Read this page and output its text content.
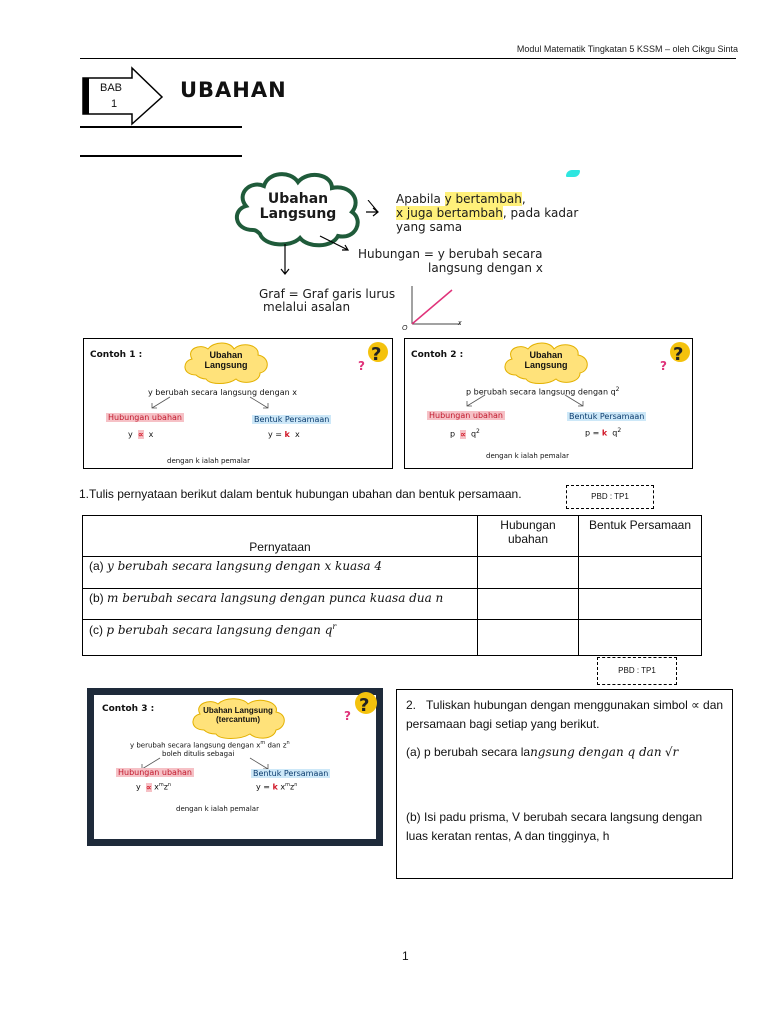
Modul Matematik Tingkatan 5 KSSM – oleh Cikgu Sinta
BAB
1
UBAHAN
Ubahan
Langsung
Apabila y bertambah,
x juga bertambah, pada kadar
yang sama
Hubungan = y berubah secara
langsung dengan x
Graf = Graf garis lurus
melalui asalan
O
x
Contoh 1 :	Ubahan
Langsung	?
?
y berubah secara langsung dengan x
Hubungan ubahan	Bentuk Persamaan
y ∝ x	y = k x
dengan k ialah pemalar
Contoh 2 :	Ubahan
Langsung	?
?
p berubah secara langsung dengan $q^2$
Hubungan ubahan	Bentuk Persamaan
$p \propto q^2$	p = k $q^2$
dengan k ialah pemalar
1.Tulis pernyataan berikut dalam bentuk hubungan ubahan dan bentuk persamaan.	PBD : TP1
Pernyataan	Hubungan ubahan	Bentuk Persamaan
(a) y berubah secara langsung dengan x kuasa 4		
(b) m berubah secara langsung dengan punca kuasa dua n		
(c) p berubah secara langsung dengan $q^r$		
PBD : TP1
Contoh 3 :	Ubahan Langsung
(tercantum)
?
?
y berubah secara langsung dengan $x^m$ dan $z^n$
boleh ditulis sebagai
Hubungan ubahan	Bentuk Persamaan
$y \propto x^mz^n$	y = k $x^mz^n$
dengan k ialah pemalar
2. Tuliskan hubungan dengan menggunakan simbol ∝ dan persamaan bagi setiap yang berikut.
(a) p berubah secara langsung dengan q dan √r
(b) Isi padu prisma, V berubah secara langsung dengan luas keratan rentas, A dan tingginya, h
1
